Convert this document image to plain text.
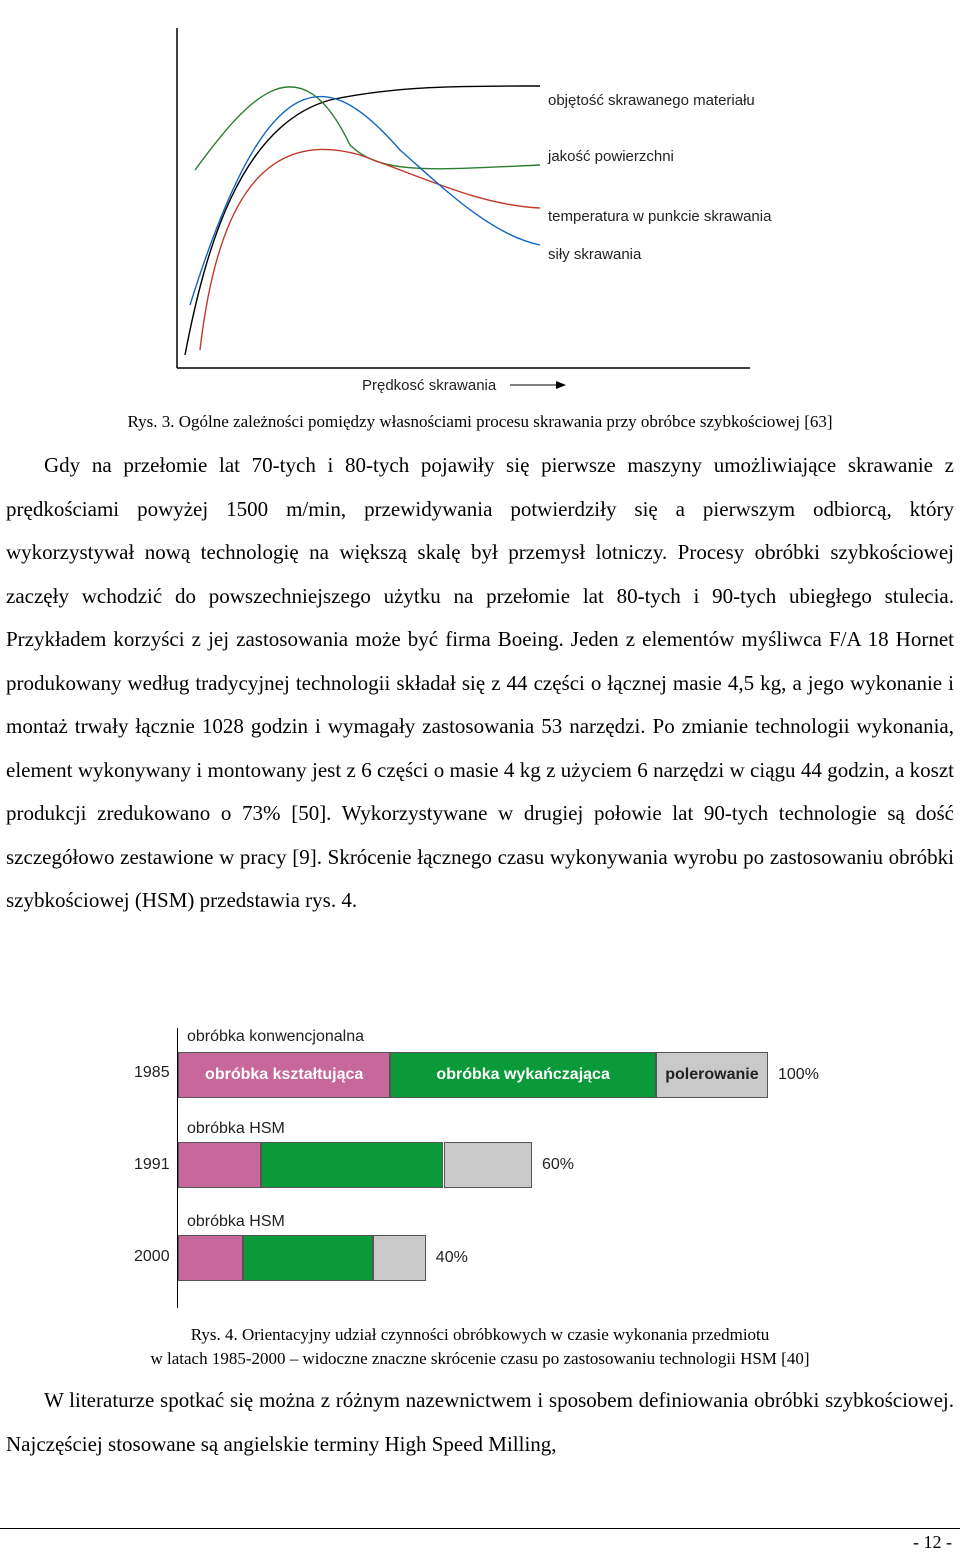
objętość skrawanego materiału
jakość powierzchni
temperatura w punkcie skrawania
siły skrawania
Prędkosć skrawania
Rys. 3. Ogólne zależności pomiędzy własnościami procesu skrawania przy obróbce szybkościowej [63]

Gdy na przełomie lat 70-tych i 80-tych pojawiły się pierwsze maszyny umożliwiające skrawanie z prędkościami powyżej 1500 m/min, przewidywania potwierdziły się a pierwszym odbiorcą, który wykorzystywał nową technologię na większą skalę był przemysł lotniczy. Procesy obróbki szybkościowej zaczęły wchodzić do powszechniejszego użytku na przełomie lat 80-tych i 90-tych ubiegłego stulecia. Przykładem korzyści z jej zastosowania może być firma Boeing. Jeden z elementów myśliwca F/A 18 Hornet produkowany według tradycyjnej technologii składał się z 44 części o łącznej masie 4,5 kg, a jego wykonanie i montaż trwały łącznie 1028 godzin i wymagały zastosowania 53 narzędzi. Po zmianie technologii wykonania, element wykonywany i montowany jest z 6 części o masie 4 kg z użyciem 6 narzędzi w ciągu 44 godzin, a koszt produkcji zredukowano o 73% [50]. Wykorzystywane w drugiej połowie lat 90-tych technologie są dość szczegółowo zestawione w pracy [9]. Skrócenie łącznego czasu wykonywania wyrobu po zastosowaniu obróbki szybkościowej (HSM) przedstawia rys. 4.

obróbka konwencjonalna
obróbka HSM
obróbka HSM
1985
1991
2000
obróbka kształtująca	obróbka wykańczająca	polerowanie	100%
60%
40%
Rys. 4. Orientacyjny udział czynności obróbkowych w czasie wykonania przedmiotu
w latach 1985-2000 – widoczne znaczne skrócenie czasu po zastosowaniu technologii HSM [40]

W literaturze spotkać się można z różnym nazewnictwem i sposobem definiowania obróbki szybkościowej. Najczęściej stosowane są angielskie terminy High Speed Milling,

- 12 -
